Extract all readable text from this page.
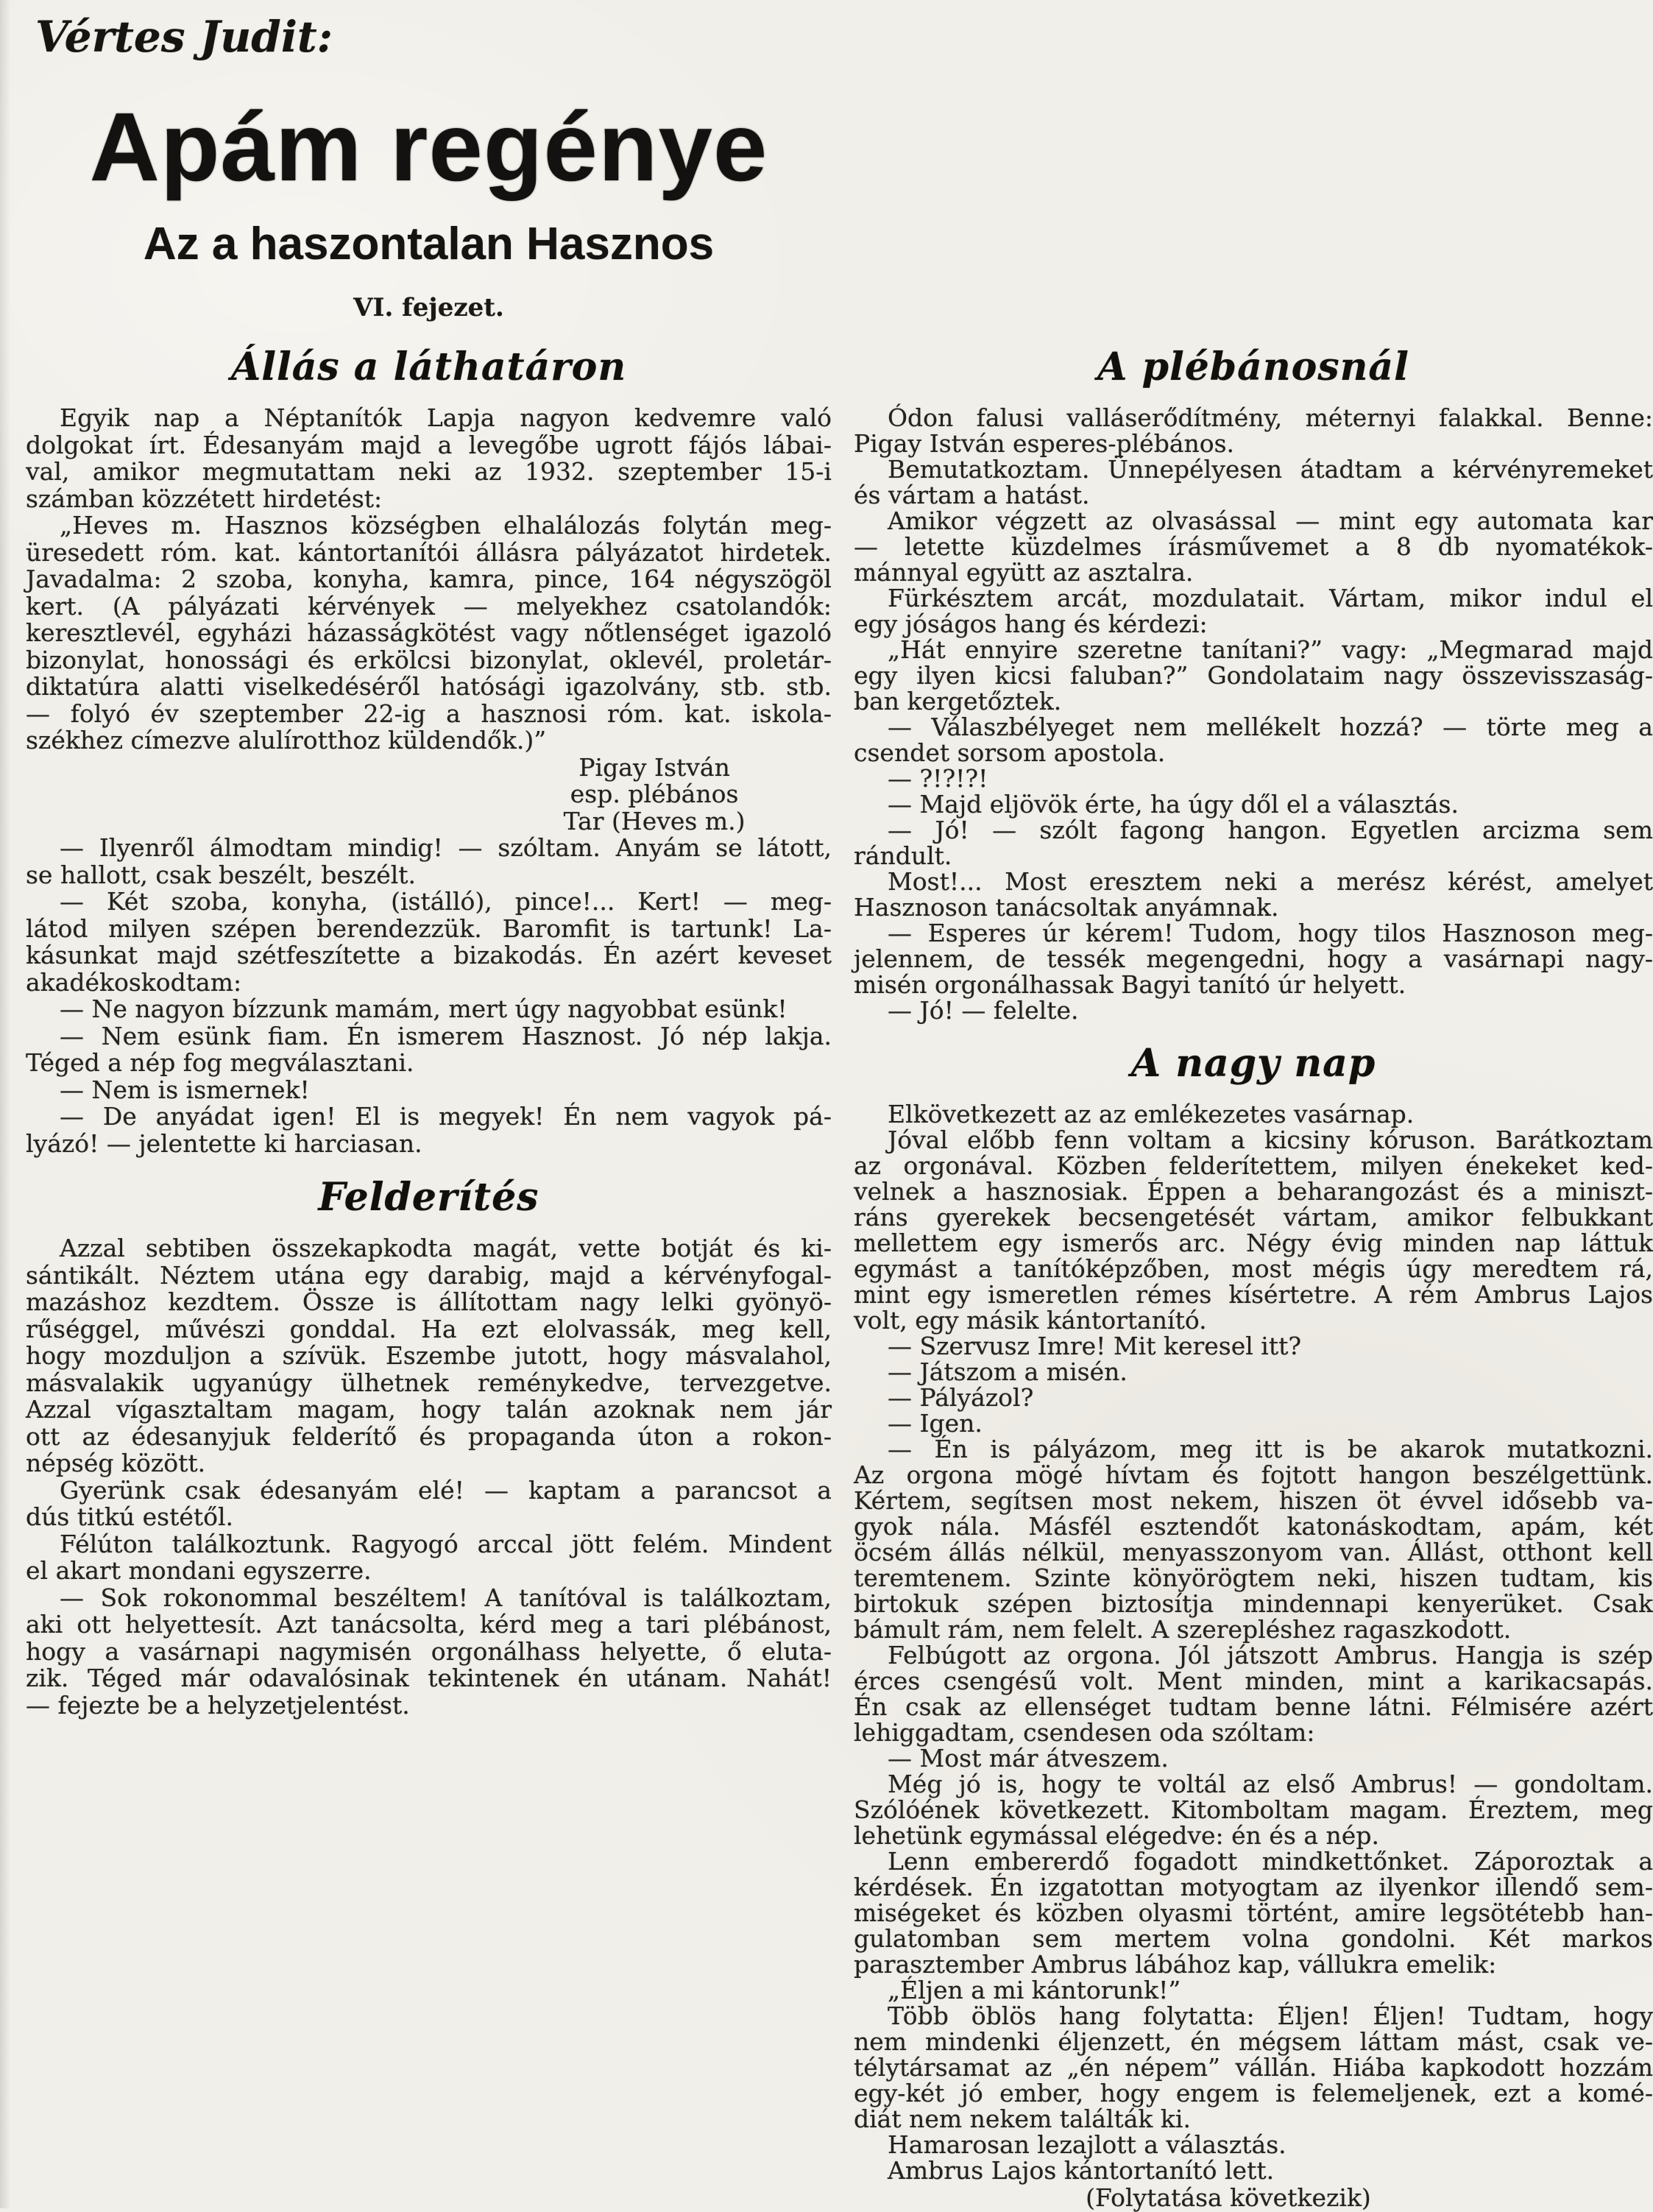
Vértes Judit:
Apám regénye
Az a haszontalan Hasznos
VI. fejezet.
Állás a láthatáron
Egyik nap a Néptanítók Lapja nagyon kedvemre való
dolgokat írt. Édesanyám majd a levegőbe ugrott fájós lábai-
val, amikor megmutattam neki az 1932. szeptember 15-i
számban közzétett hirdetést:
„Heves m. Hasznos községben elhalálozás folytán meg-
üresedett róm. kat. kántortanítói állásra pályázatot hirdetek.
Javadalma: 2 szoba, konyha, kamra, pince, 164 négyszögöl
kert. (A pályázati kérvények — melyekhez csatolandók:
keresztlevél, egyházi házasságkötést vagy nőtlenséget igazoló
bizonylat, honossági és erkölcsi bizonylat, oklevél, proletár-
diktatúra alatti viselkedéséről hatósági igazolvány, stb. stb.
— folyó év szeptember 22-ig a hasznosi róm. kat. iskola-
székhez címezve alulírotthoz küldendők.)”
Pigay István
esp. plébános
Tar (Heves m.)
— Ilyenről álmodtam mindig! — szóltam. Anyám se látott,
se hallott, csak beszélt, beszélt.
— Két szoba, konyha, (istálló), pince!... Kert! — meg-
látod milyen szépen berendezzük. Baromfit is tartunk! La-
kásunkat majd szétfeszítette a bizakodás. Én azért keveset
akadékoskodtam:
— Ne nagyon bízzunk mamám, mert úgy nagyobbat esünk!
— Nem esünk fiam. Én ismerem Hasznost. Jó nép lakja.
Téged a nép fog megválasztani.
— Nem is ismernek!
— De anyádat igen! El is megyek! Én nem vagyok pá-
lyázó! — jelentette ki harciasan.
Felderítés
Azzal sebtiben összekapkodta magát, vette botját és ki-
sántikált. Néztem utána egy darabig, majd a kérvényfogal-
mazáshoz kezdtem. Össze is állítottam nagy lelki gyönyö-
rűséggel, művészi gonddal. Ha ezt elolvassák, meg kell,
hogy mozduljon a szívük. Eszembe jutott, hogy másvalahol,
másvalakik ugyanúgy ülhetnek reménykedve, tervezgetve.
Azzal vígasztaltam magam, hogy talán azoknak nem jár
ott az édesanyjuk felderítő és propaganda úton a rokon-
népség között.
Gyerünk csak édesanyám elé! — kaptam a parancsot a
dús titkú estétől.
Félúton találkoztunk. Ragyogó arccal jött felém. Mindent
el akart mondani egyszerre.
— Sok rokonommal beszéltem! A tanítóval is találkoztam,
aki ott helyettesít. Azt tanácsolta, kérd meg a tari plébánost,
hogy a vasárnapi nagymisén orgonálhass helyette, ő eluta-
zik. Téged már odavalósinak tekintenek én utánam. Nahát!
— fejezte be a helyzetjelentést.
A plébánosnál
Ódon falusi valláserődítmény, méternyi falakkal. Benne:
Pigay István esperes-plébános.
Bemutatkoztam. Ünnepélyesen átadtam a kérvényremeket
és vártam a hatást.
Amikor végzett az olvasással — mint egy automata kar
— letette küzdelmes írásművemet a 8 db nyomatékok-
mánnyal együtt az asztalra.
Fürkésztem arcát, mozdulatait. Vártam, mikor indul el
egy jóságos hang és kérdezi:
„Hát ennyire szeretne tanítani?” vagy: „Megmarad majd
egy ilyen kicsi faluban?” Gondolataim nagy összevisszaság-
ban kergetőztek.
— Válaszbélyeget nem mellékelt hozzá? — törte meg a
csendet sorsom apostola.
— ?!?!?!
— Majd eljövök érte, ha úgy dől el a választás.
— Jó! — szólt fagong hangon. Egyetlen arcizma sem
rándult.
Most!... Most eresztem neki a merész kérést, amelyet
Hasznoson tanácsoltak anyámnak.
— Esperes úr kérem! Tudom, hogy tilos Hasznoson meg-
jelennem, de tessék megengedni, hogy a vasárnapi nagy-
misén orgonálhassak Bagyi tanító úr helyett.
— Jó! — felelte.
A nagy nap
Elkövetkezett az az emlékezetes vasárnap.
Jóval előbb fenn voltam a kicsiny kóruson. Barátkoztam
az orgonával. Közben felderítettem, milyen énekeket ked-
velnek a hasznosiak. Éppen a beharangozást és a miniszt-
ráns gyerekek becsengetését vártam, amikor felbukkant
mellettem egy ismerős arc. Négy évig minden nap láttuk
egymást a tanítóképzőben, most mégis úgy meredtem rá,
mint egy ismeretlen rémes kísértetre. A rém Ambrus Lajos
volt, egy másik kántortanító.
— Szervusz Imre! Mit keresel itt?
— Játszom a misén.
— Pályázol?
— Igen.
— Én is pályázom, meg itt is be akarok mutatkozni.
Az orgona mögé hívtam és fojtott hangon beszélgettünk.
Kértem, segítsen most nekem, hiszen öt évvel idősebb va-
gyok nála. Másfél esztendőt katonáskodtam, apám, két
öcsém állás nélkül, menyasszonyom van. Állást, otthont kell
teremtenem. Szinte könyörögtem neki, hiszen tudtam, kis
birtokuk szépen biztosítja mindennapi kenyerüket. Csak
bámult rám, nem felelt. A szerepléshez ragaszkodott.
Felbúgott az orgona. Jól játszott Ambrus. Hangja is szép
érces csengésű volt. Ment minden, mint a karikacsapás.
Én csak az ellenséget tudtam benne látni. Félmisére azért
lehiggadtam, csendesen oda szóltam:
— Most már átveszem.
Még jó is, hogy te voltál az első Ambrus! — gondoltam.
Szólóének következett. Kitomboltam magam. Éreztem, meg
lehetünk egymással elégedve: én és a nép.
Lenn embererdő fogadott mindkettőnket. Záporoztak a
kérdések. Én izgatottan motyogtam az ilyenkor illendő sem-
miségeket és közben olyasmi történt, amire legsötétebb han-
gulatomban sem mertem volna gondolni. Két markos
parasztember Ambrus lábához kap, vállukra emelik:
„Éljen a mi kántorunk!”
Több öblös hang folytatta: Éljen! Éljen! Tudtam, hogy
nem mindenki éljenzett, én mégsem láttam mást, csak ve-
télytársamat az „én népem” vállán. Hiába kapkodott hozzám
egy-két jó ember, hogy engem is felemeljenek, ezt a komé-
diát nem nekem találták ki.
Hamarosan lezajlott a választás.
Ambrus Lajos kántortanító lett.
(Folytatása következik)
